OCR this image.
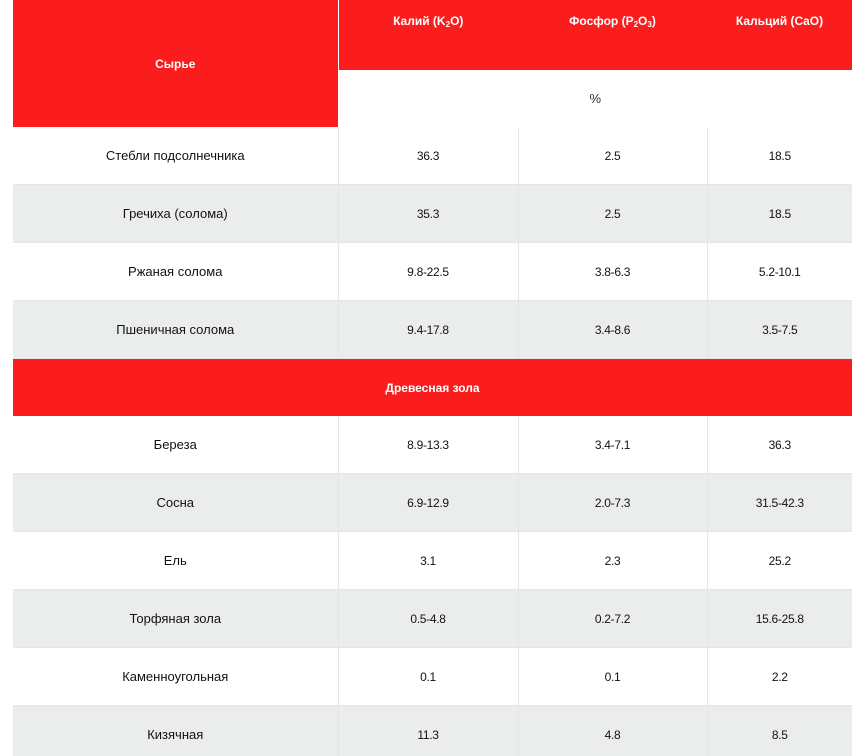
Сырье	Калий $(K_2O)$	Фосфор $(P_2O_3)$	Кальций (CaO)
	%		
Стебли подсолнечника	36.3	2.5	18.5
Гречиха (солома)	35.3	2.5	18.5
Ржаная солома	9.8-22.5	3.8-6.3	5.2-10.1
Пшеничная солома	9.4-17.8	3.4-8.6	3.5-7.5
Древесная зола			
Береза	8.9-13.3	3.4-7.1	36.3
Сосна	6.9-12.9	2.0-7.3	31.5-42.3
Ель	3.1	2.3	25.2
Торфяная зола	0.5-4.8	0.2-7.2	15.6-25.8
Каменноугольная	0.1	0.1	2.2
Кизячная	11.3	4.8	8.5
